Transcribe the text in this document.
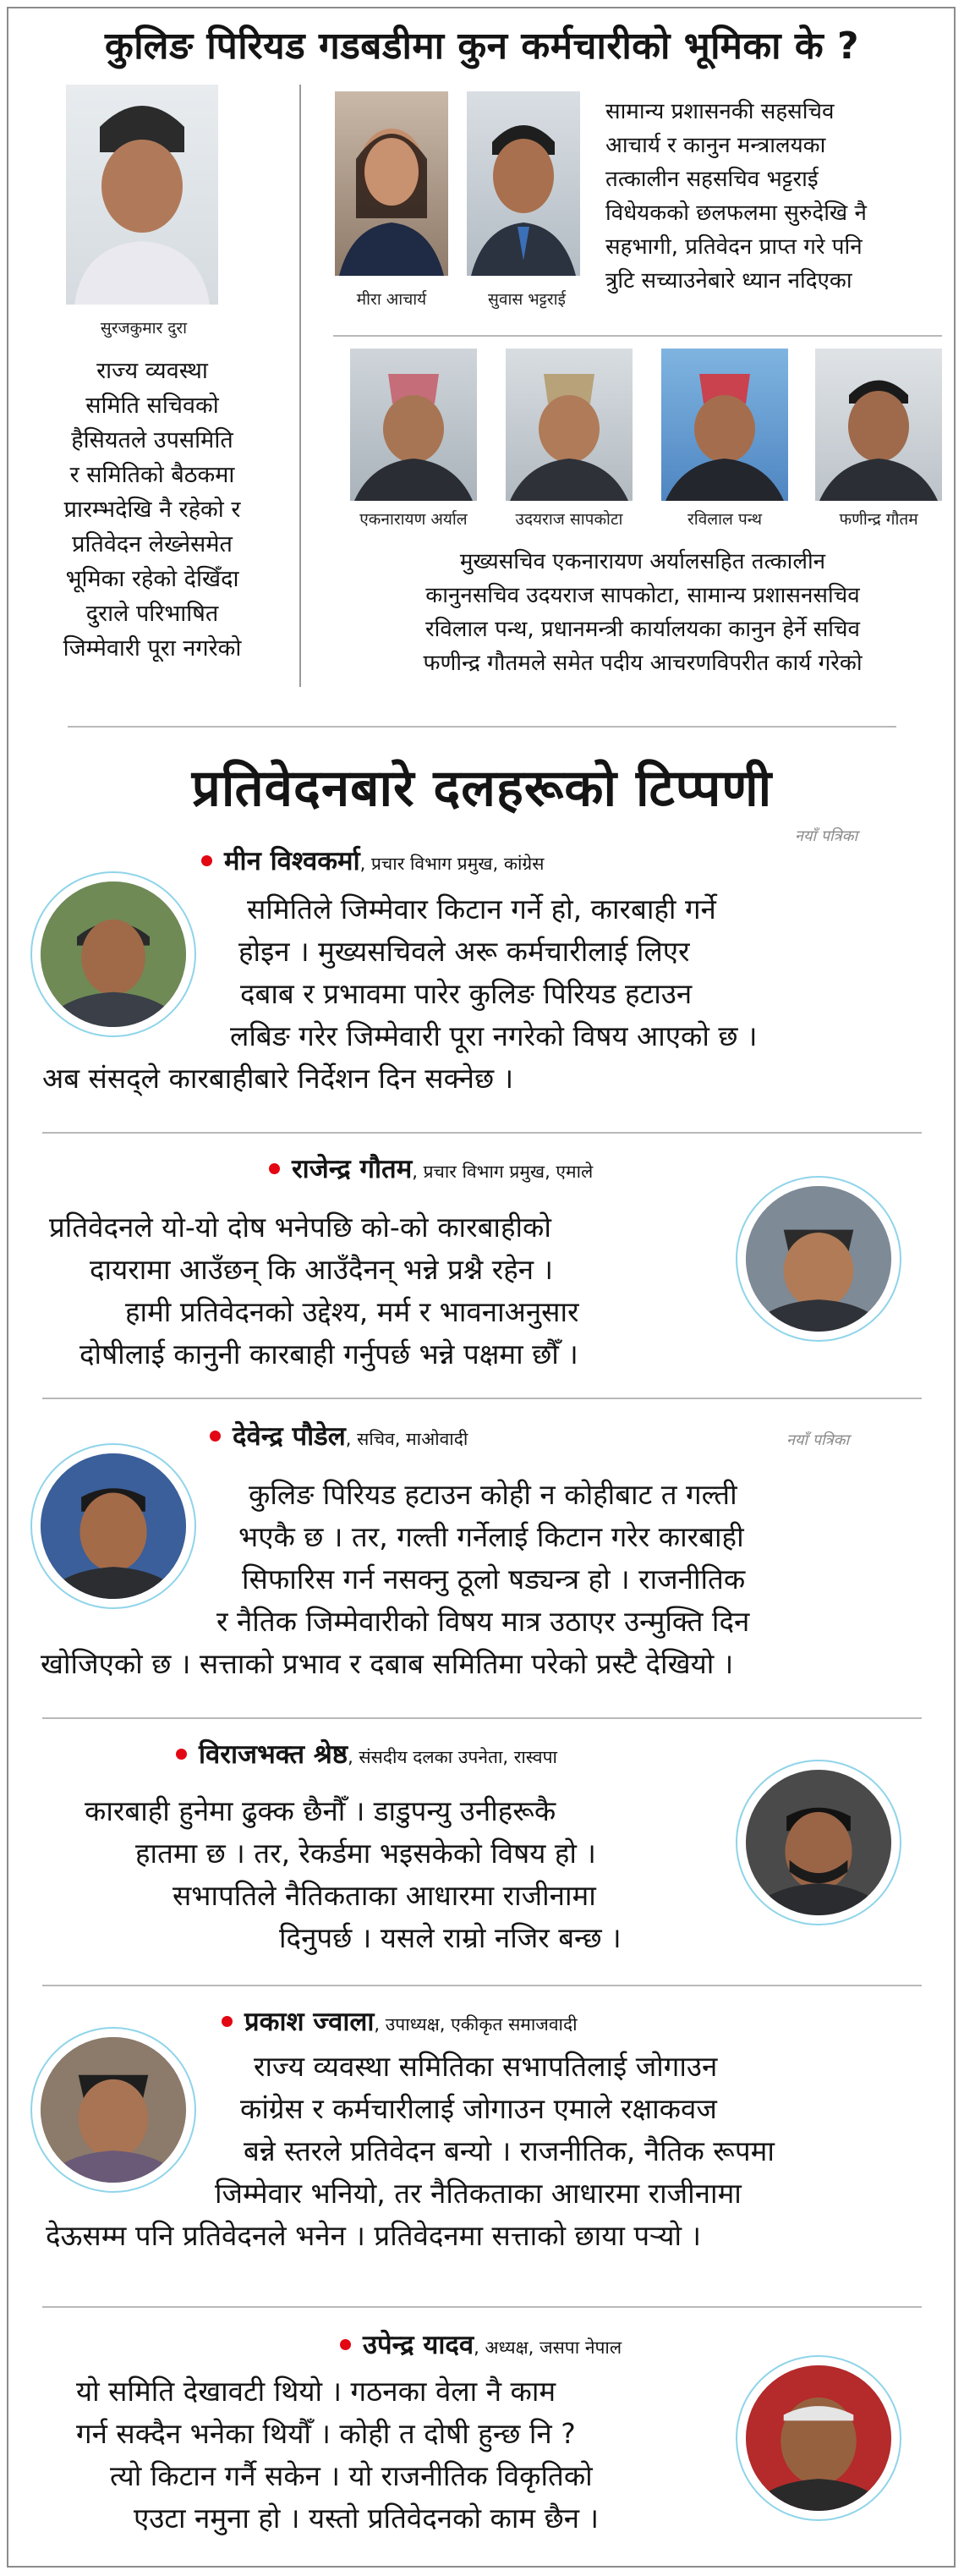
कुलिङ पिरियड गडबडीमा कुन कर्मचारीको भूमिका के ?
सुरजकुमार दुरा
राज्य व्यवस्था
समिति सचिवको
हैसियतले उपसमिति
र समितिको बैठकमा
प्रारम्भदेखि नै रहेको र
प्रतिवेदन लेख्नेसमेत
भूमिका रहेको देखिँदा
दुराले परिभाषित
जिम्मेवारी पूरा नगरेको
मीरा आचार्य	सुवास भट्टराई
सामान्य प्रशासनकी सहसचिव
आचार्य र कानुन मन्त्रालयका
तत्कालीन सहसचिव भट्टराई
विधेयकको छलफलमा सुरुदेखि नै
सहभागी, प्रतिवेदन प्राप्त गरे पनि
त्रुटि सच्याउनेबारे ध्यान नदिएका
एकनारायण अर्याल	उदयराज सापकोटा	रविलाल पन्थ	फणीन्द्र गौतम
मुख्यसचिव एकनारायण अर्यालसहित तत्कालीन
कानुनसचिव उदयराज सापकोटा, सामान्य प्रशासनसचिव
रविलाल पन्थ, प्रधानमन्त्री कार्यालयका कानुन हेर्ने सचिव
फणीन्द्र गौतमले समेत पदीय आचरणविपरीत कार्य गरेको
प्रतिवेदनबारे दलहरूको टिप्पणी
नयाँ पत्रिका
मीन विश्वकर्मा, प्रचार विभाग प्रमुख, कांग्रेस
समितिले जिम्मेवार किटान गर्ने हो, कारबाही गर्ने
होइन । मुख्यसचिवले अरू कर्मचारीलाई लिएर
दबाब र प्रभावमा पारेर कुलिङ पिरियड हटाउन
लबिङ गरेर जिम्मेवारी पूरा नगरेको विषय आएको छ ।
अब संसद्‌ले कारबाहीबारे निर्देशन दिन सक्नेछ ।
राजेन्द्र गौतम, प्रचार विभाग प्रमुख, एमाले
प्रतिवेदनले यो-यो दोष भनेपछि को-को कारबाहीको
दायरामा आउँछन् कि आउँदैनन् भन्ने प्रश्नै रहेन ।
हामी प्रतिवेदनको उद्देश्य, मर्म र भावनाअनुसार
दोषीलाई कानुनी कारबाही गर्नुपर्छ भन्ने पक्षमा छौँ ।
देवेन्द्र पौडेल, सचिव, माओवादी	नयाँ पत्रिका
कुलिङ पिरियड हटाउन कोही न कोहीबाट त गल्ती
भएकै छ । तर, गल्ती गर्नेलाई किटान गरेर कारबाही
सिफारिस गर्न नसक्नु ठूलो षड्यन्त्र हो । राजनीतिक
र नैतिक जिम्मेवारीको विषय मात्र उठाएर उन्मुक्ति दिन
खोजिएको छ । सत्ताको प्रभाव र दबाब समितिमा परेको प्रस्टै देखियो ।
विराजभक्त श्रेष्ठ, संसदीय दलका उपनेता, रास्वपा
कारबाही हुनेमा ढुक्क छैनौँ । डाडुपन्यु उनीहरूकै
हातमा छ । तर, रेकर्डमा भइसकेको विषय हो ।
सभापतिले नैतिकताका आधारमा राजीनामा
दिनुपर्छ । यसले राम्रो नजिर बन्छ ।
प्रकाश ज्वाला, उपाध्यक्ष, एकीकृत समाजवादी
राज्य व्यवस्था समितिका सभापतिलाई जोगाउन
कांग्रेस र कर्मचारीलाई जोगाउन एमाले रक्षाकवज
बन्ने स्तरले प्रतिवेदन बन्यो । राजनीतिक, नैतिक रूपमा
जिम्मेवार भनियो, तर नैतिकताका आधारमा राजीनामा
देऊसम्म पनि प्रतिवेदनले भनेन । प्रतिवेदनमा सत्ताको छाया पर्‍यो ।
उपेन्द्र यादव, अध्यक्ष, जसपा नेपाल
यो समिति देखावटी थियो । गठनका वेला नै काम
गर्न सक्दैन भनेका थियौँ । कोही त दोषी हुन्छ नि ?
त्यो किटान गर्नै सकेन । यो राजनीतिक विकृतिको
एउटा नमुना हो । यस्तो प्रतिवेदनको काम छैन ।
